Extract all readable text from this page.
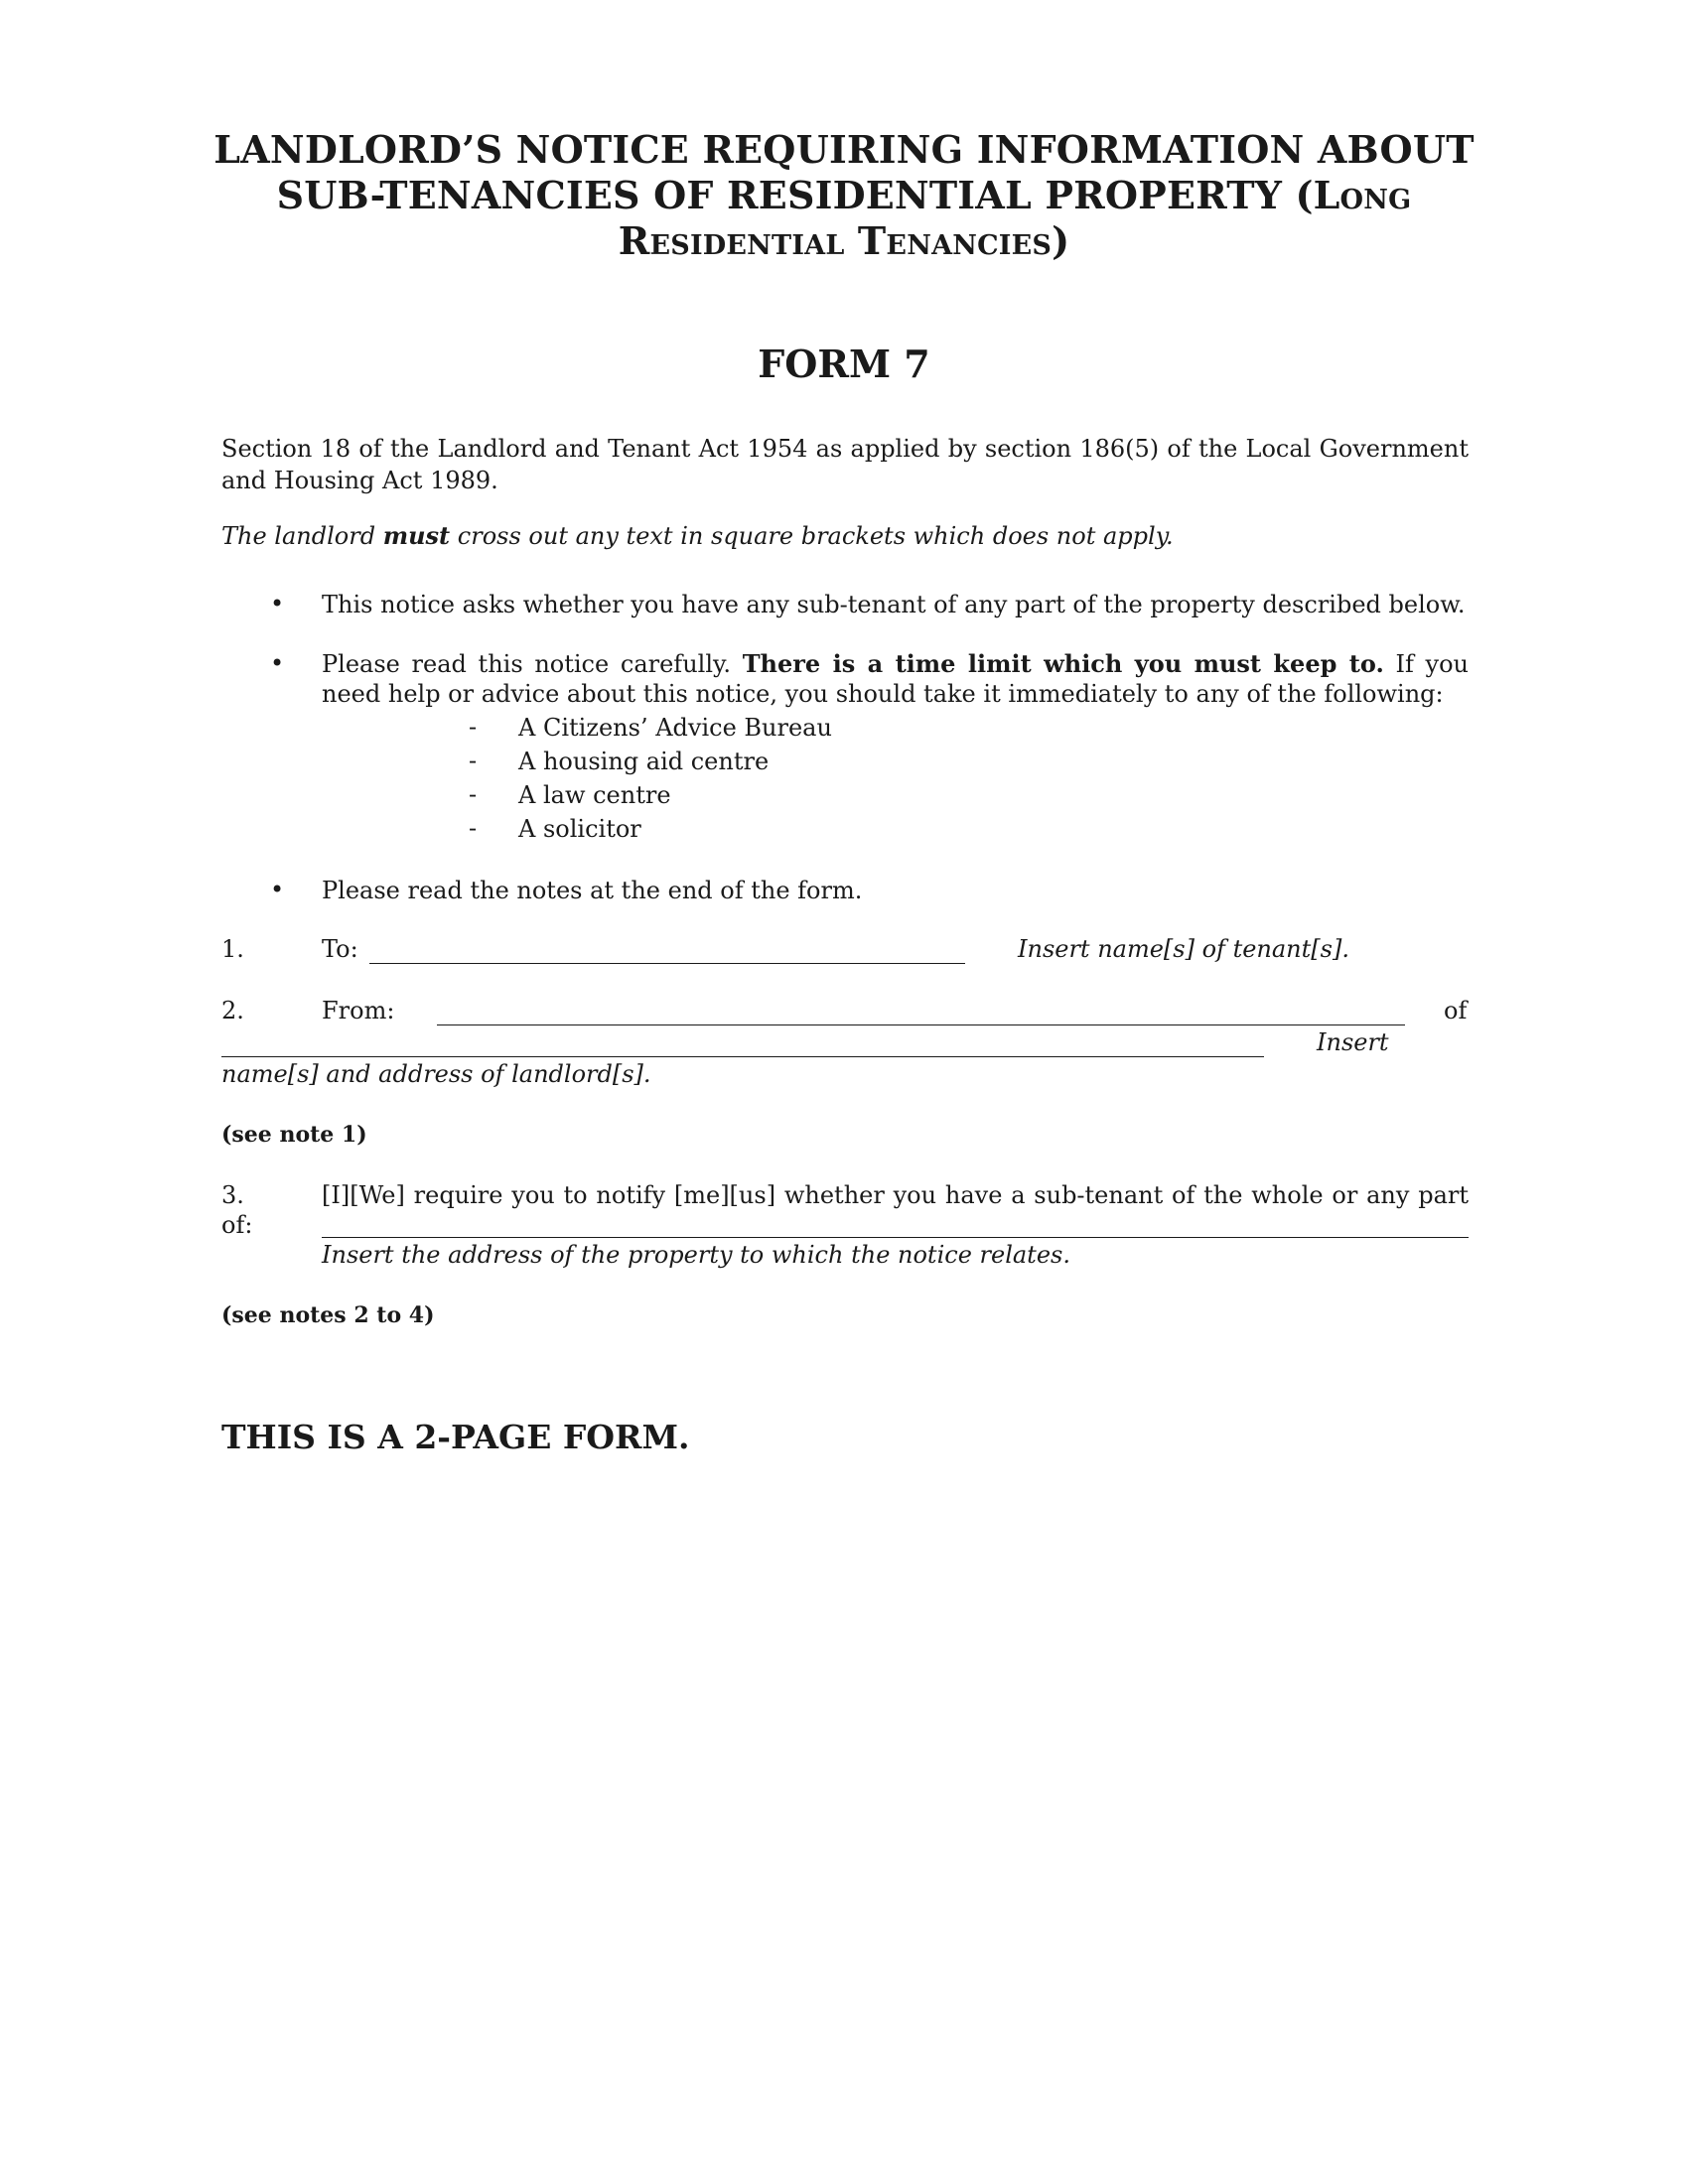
LANDLORD’S NOTICE REQUIRING INFORMATION ABOUT
SUB-TENANCIES OF RESIDENTIAL PROPERTY (Long
Residential Tenancies)
FORM 7
Section 18 of the Landlord and Tenant Act 1954 as applied by section 186(5) of the Local Government and Housing Act 1989.
The landlord must cross out any text in square brackets which does not apply.
• This notice asks whether you have any sub-tenant of any part of the property described below.
• Please read this notice carefully. There is a time limit which you must keep to. If you need help or advice about this notice, you should take it immediately to any of the following:
- A Citizens’ Advice Bureau
- A housing aid centre
- A law centre
- A solicitor
• Please read the notes at the end of the form.
1.	To:	Insert name[s] of tenant[s].
2.	From:	of
Insert
name[s] and address of landlord[s].
(see note 1)
3.	[I][We] require you to notify [me][us] whether you have a sub-tenant of the whole or any part
of:
Insert the address of the property to which the notice relates.
(see notes 2 to 4)
THIS IS A 2-PAGE FORM.
